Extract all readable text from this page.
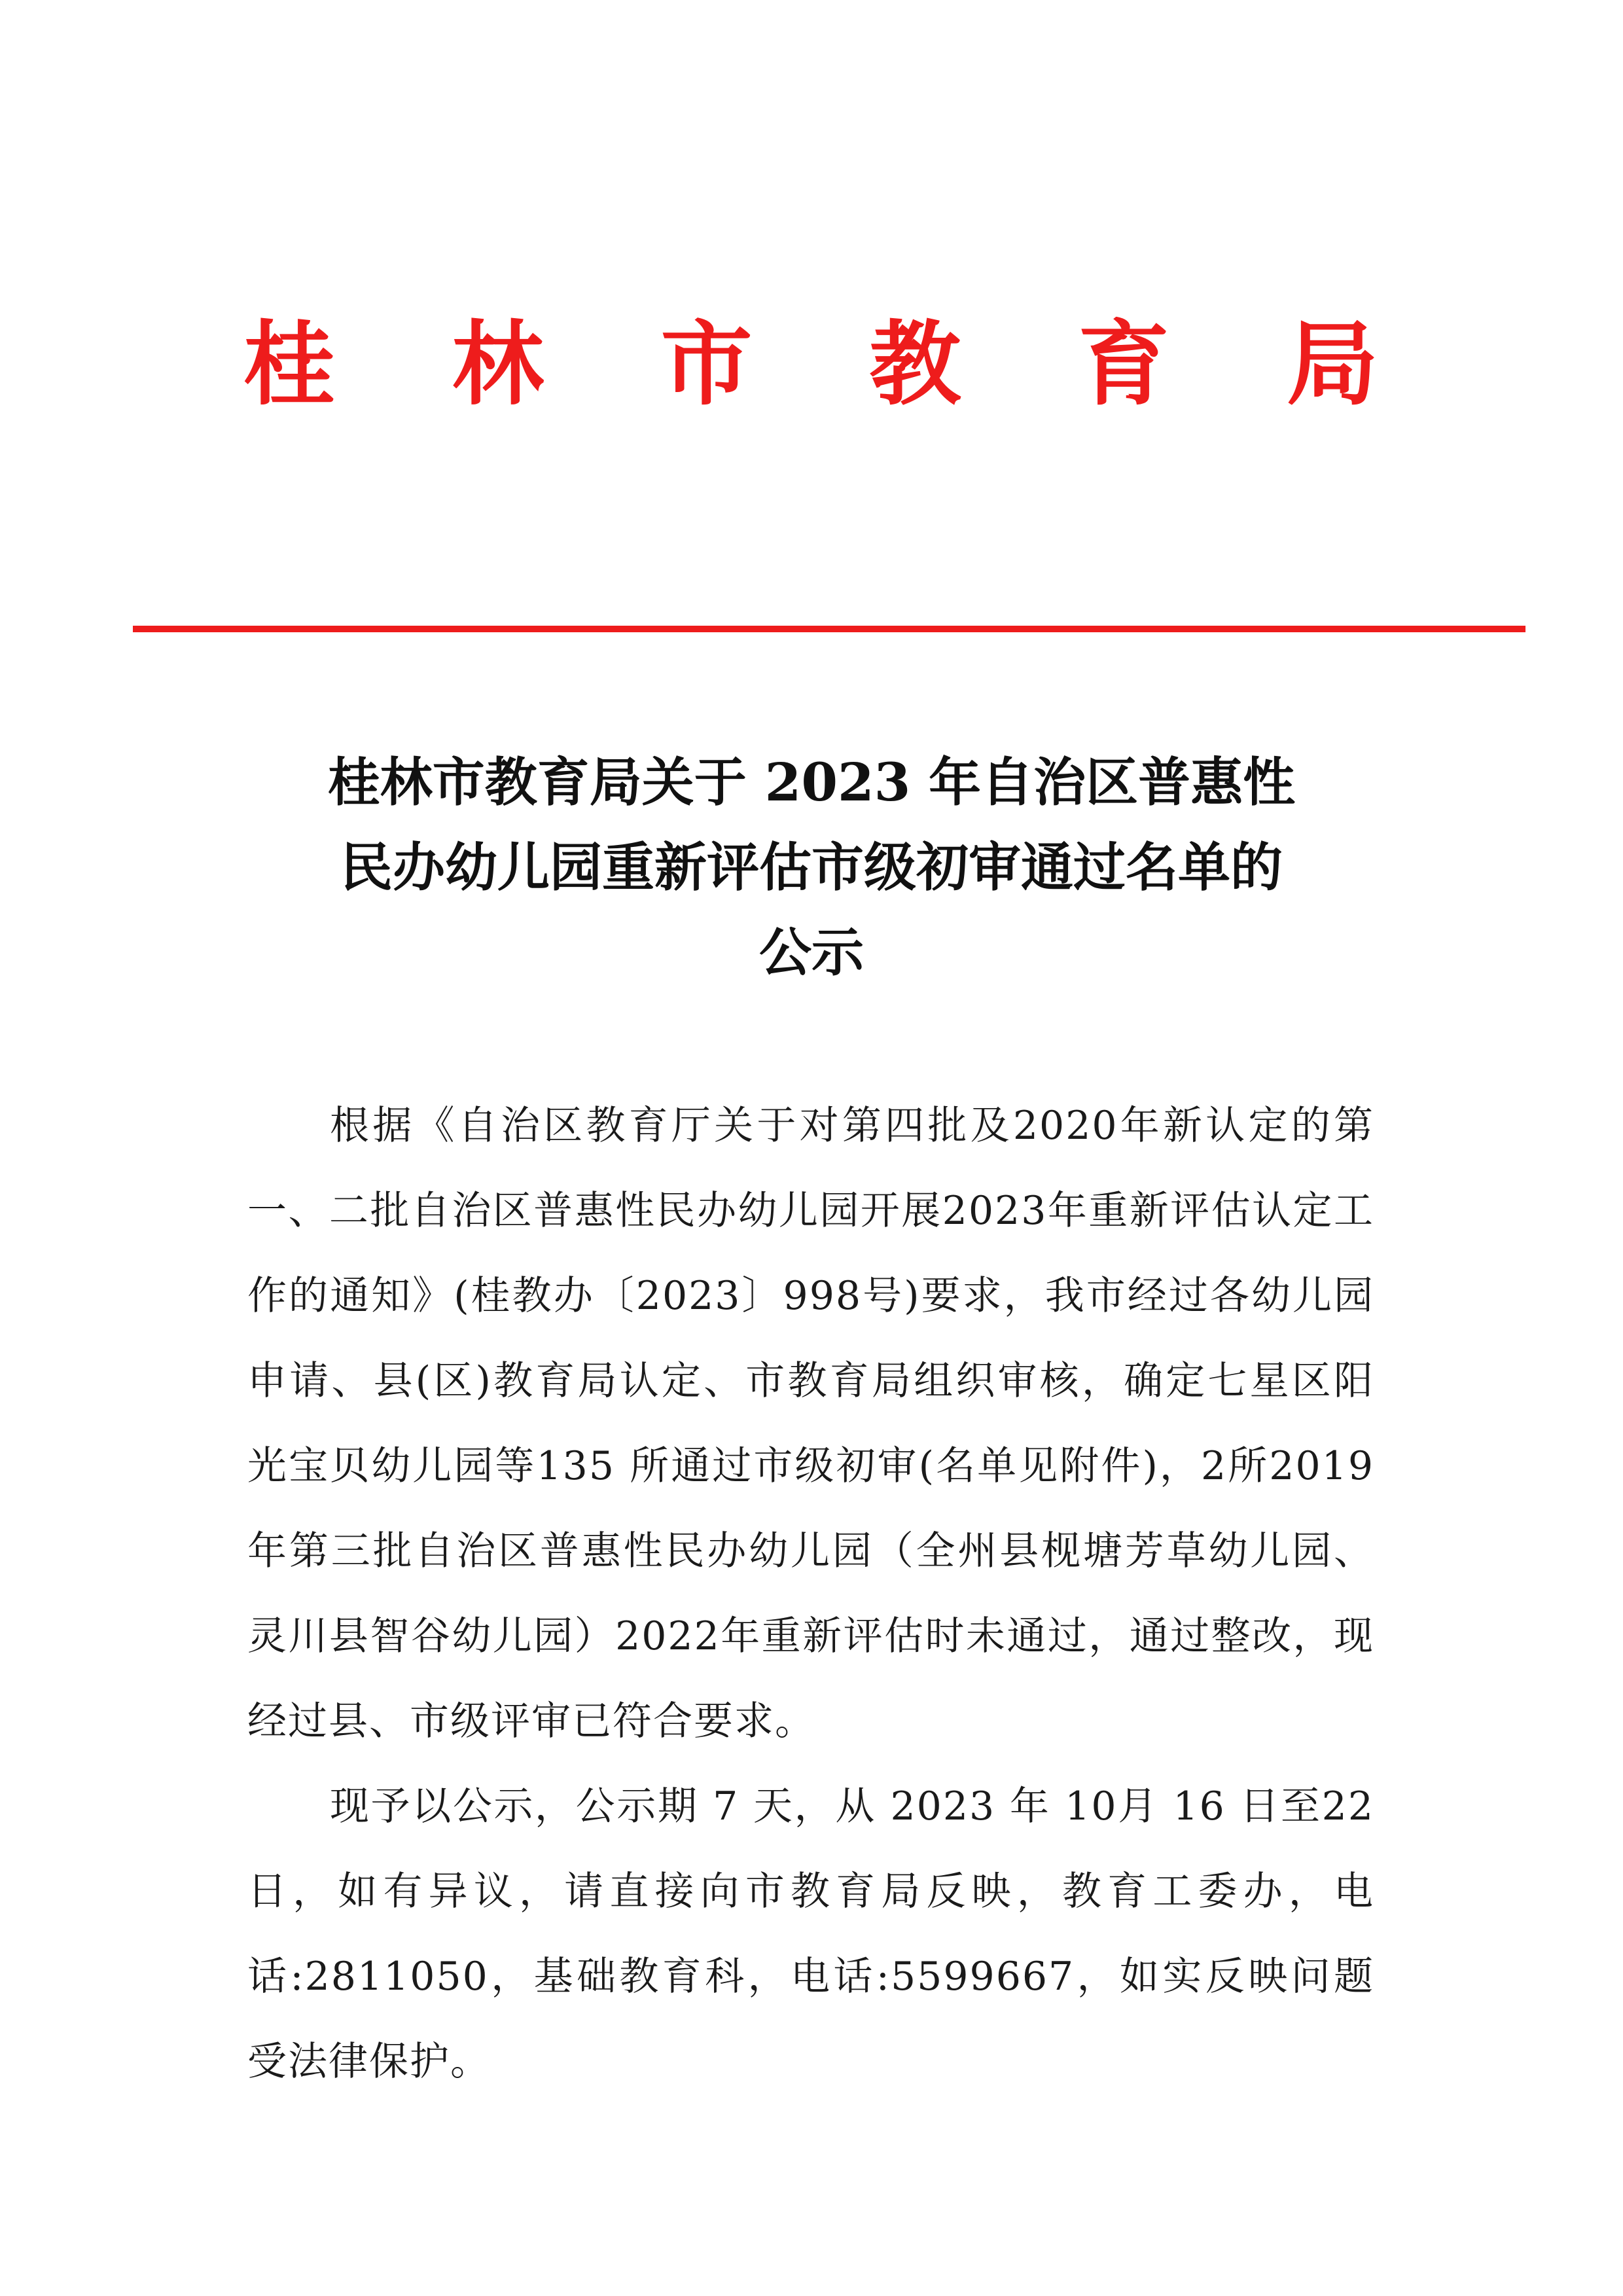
桂 林 市 教 育 局
桂林市教育局关于 2023 年自治区普惠性
民办幼儿园重新评估市级初审通过名单的
公示

根据《自治区教育厅关于对第四批及2020年新认定的第一、二批自治区普惠性民办幼儿园开展2023年重新评估认定工作的通知》(桂教办〔2023〕998号)要求，我市经过各幼儿园申请、县(区)教育局认定、市教育局组织审核，确定七星区阳光宝贝幼儿园等135 所通过市级初审(名单见附件)，2所2019年第三批自治区普惠性民办幼儿园（全州县枧塘芳草幼儿园、灵川县智谷幼儿园）2022年重新评估时未通过，通过整改，现经过县、市级评审已符合要求。

现予以公示，公示期 7 天，从 2023 年 10月 16 日至22日，如有异议，请直接向市教育局反映，教育工委办，电话:2811050，基础教育科，电话:5599667，如实反映问题受法律保护。
